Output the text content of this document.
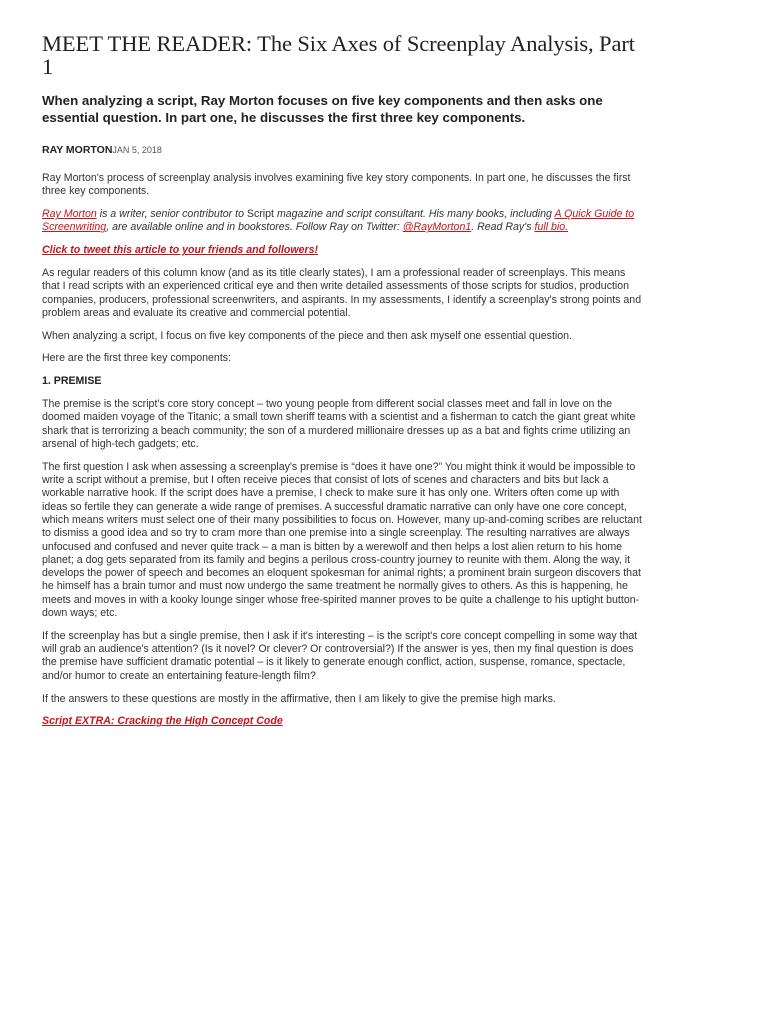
MEET THE READER: The Six Axes of Screenplay Analysis, Part 1
When analyzing a script, Ray Morton focuses on five key components and then asks one essential question. In part one, he discusses the first three key components.
RAY MORTONJAN 5, 2018

Ray Morton's process of screenplay analysis involves examining five key story components. In part one, he discusses the first three key components.

Ray Morton is a writer, senior contributor to Script magazine and script consultant. His many books, including A Quick Guide to Screenwriting, are available online and in bookstores. Follow Ray on Twitter: @RayMorton1. Read Ray's full bio.

Click to tweet this article to your friends and followers!

As regular readers of this column know (and as its title clearly states), I am a professional reader of screenplays. This means that I read scripts with an experienced critical eye and then write detailed assessments of those scripts for studios, production companies, producers, professional screenwriters, and aspirants. In my assessments, I identify a screenplay's strong points and problem areas and evaluate its creative and commercial potential.

When analyzing a script, I focus on five key components of the piece and then ask myself one essential question.

Here are the first three key components:

1. PREMISE

The premise is the script's core story concept – two young people from different social classes meet and fall in love on the doomed maiden voyage of the Titanic; a small town sheriff teams with a scientist and a fisherman to catch the giant great white shark that is terrorizing a beach community; the son of a murdered millionaire dresses up as a bat and fights crime utilizing an arsenal of high-tech gadgets; etc.

The first question I ask when assessing a screenplay's premise is “does it have one?” You might think it would be impossible to write a script without a premise, but I often receive pieces that consist of lots of scenes and characters and bits but lack a workable narrative hook. If the script does have a premise, I check to make sure it has only one. Writers often come up with ideas so fertile they can generate a wide range of premises. A successful dramatic narrative can only have one core concept, which means writers must select one of their many possibilities to focus on. However, many up-and-coming scribes are reluctant to dismiss a good idea and so try to cram more than one premise into a single screenplay. The resulting narratives are always unfocused and confused and never quite track – a man is bitten by a werewolf and then helps a lost alien return to his home planet; a dog gets separated from its family and begins a perilous cross-country journey to reunite with them. Along the way, it develops the power of speech and becomes an eloquent spokesman for animal rights; a prominent brain surgeon discovers that he himself has a brain tumor and must now undergo the same treatment he normally gives to others. As this is happening, he meets and moves in with a kooky lounge singer whose free-spirited manner proves to be quite a challenge to his uptight button-down ways; etc.

If the screenplay has but a single premise, then I ask if it's interesting – is the script's core concept compelling in some way that will grab an audience's attention? (Is it novel? Or clever? Or controversial?) If the answer is yes, then my final question is does the premise have sufficient dramatic potential – is it likely to generate enough conflict, action, suspense, romance, spectacle, and/or humor to create an entertaining feature-length film?

If the answers to these questions are mostly in the affirmative, then I am likely to give the premise high marks.

Script EXTRA: Cracking the High Concept Code
